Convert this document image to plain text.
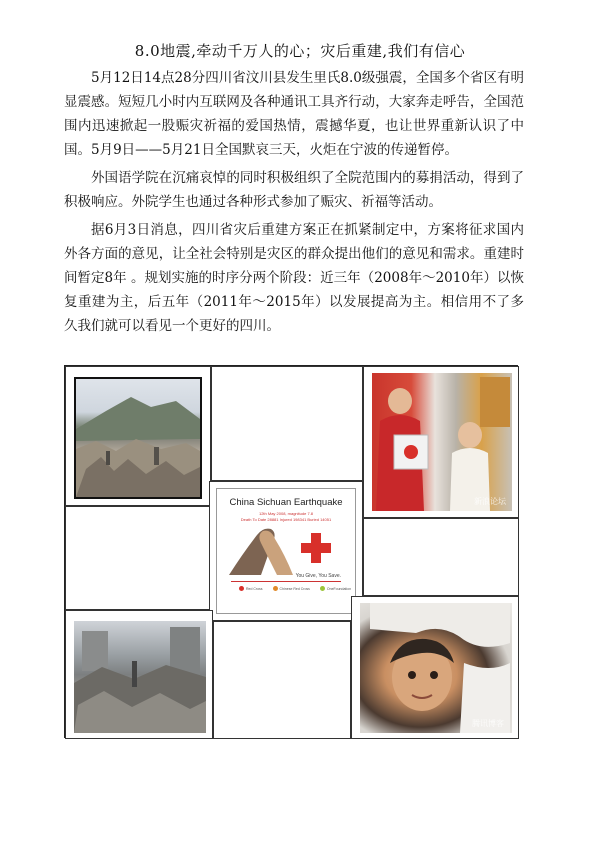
8.0地震,牵动千万人的心；灾后重建,我们有信心

5月12日14点28分四川省汶川县发生里氏8.0级强震，全国多个省区有明显震感。短短几小时内互联网及各种通讯工具齐行动，大家奔走呼告，全国范围内迅速掀起一股赈灾祈福的爱国热情，震撼华夏，也让世界重新认识了中国。5月9日——5月21日全国默哀三天，火炬在宁波的传递暂停。

外国语学院在沉痛哀悼的同时积极组织了全院范围内的募捐活动，得到了积极响应。外院学生也通过各种形式参加了赈灾、祈福等活动。

据6月3日消息，四川省灾后重建方案正在抓紧制定中，方案将征求国内外各方面的意见，让全社会特别是灾区的群众提出他们的意见和需求。重建时间暂定8年 。规划实施的时序分两个阶段：近三年（2008年～2010年）以恢复重建为主，后五年（2011年～2015年）以发展提高为主。相信用不了多久我们就可以看见一个更好的四川。

新浪论坛
China Sichuan Earthquake
12th May 2008, magnitude 7.8
Death To Date 28881 Injured 198341 Buried 14051
You Give, You Save.
Red Cross	Chinese Red Cross	OneFoundation
腾讯博客
